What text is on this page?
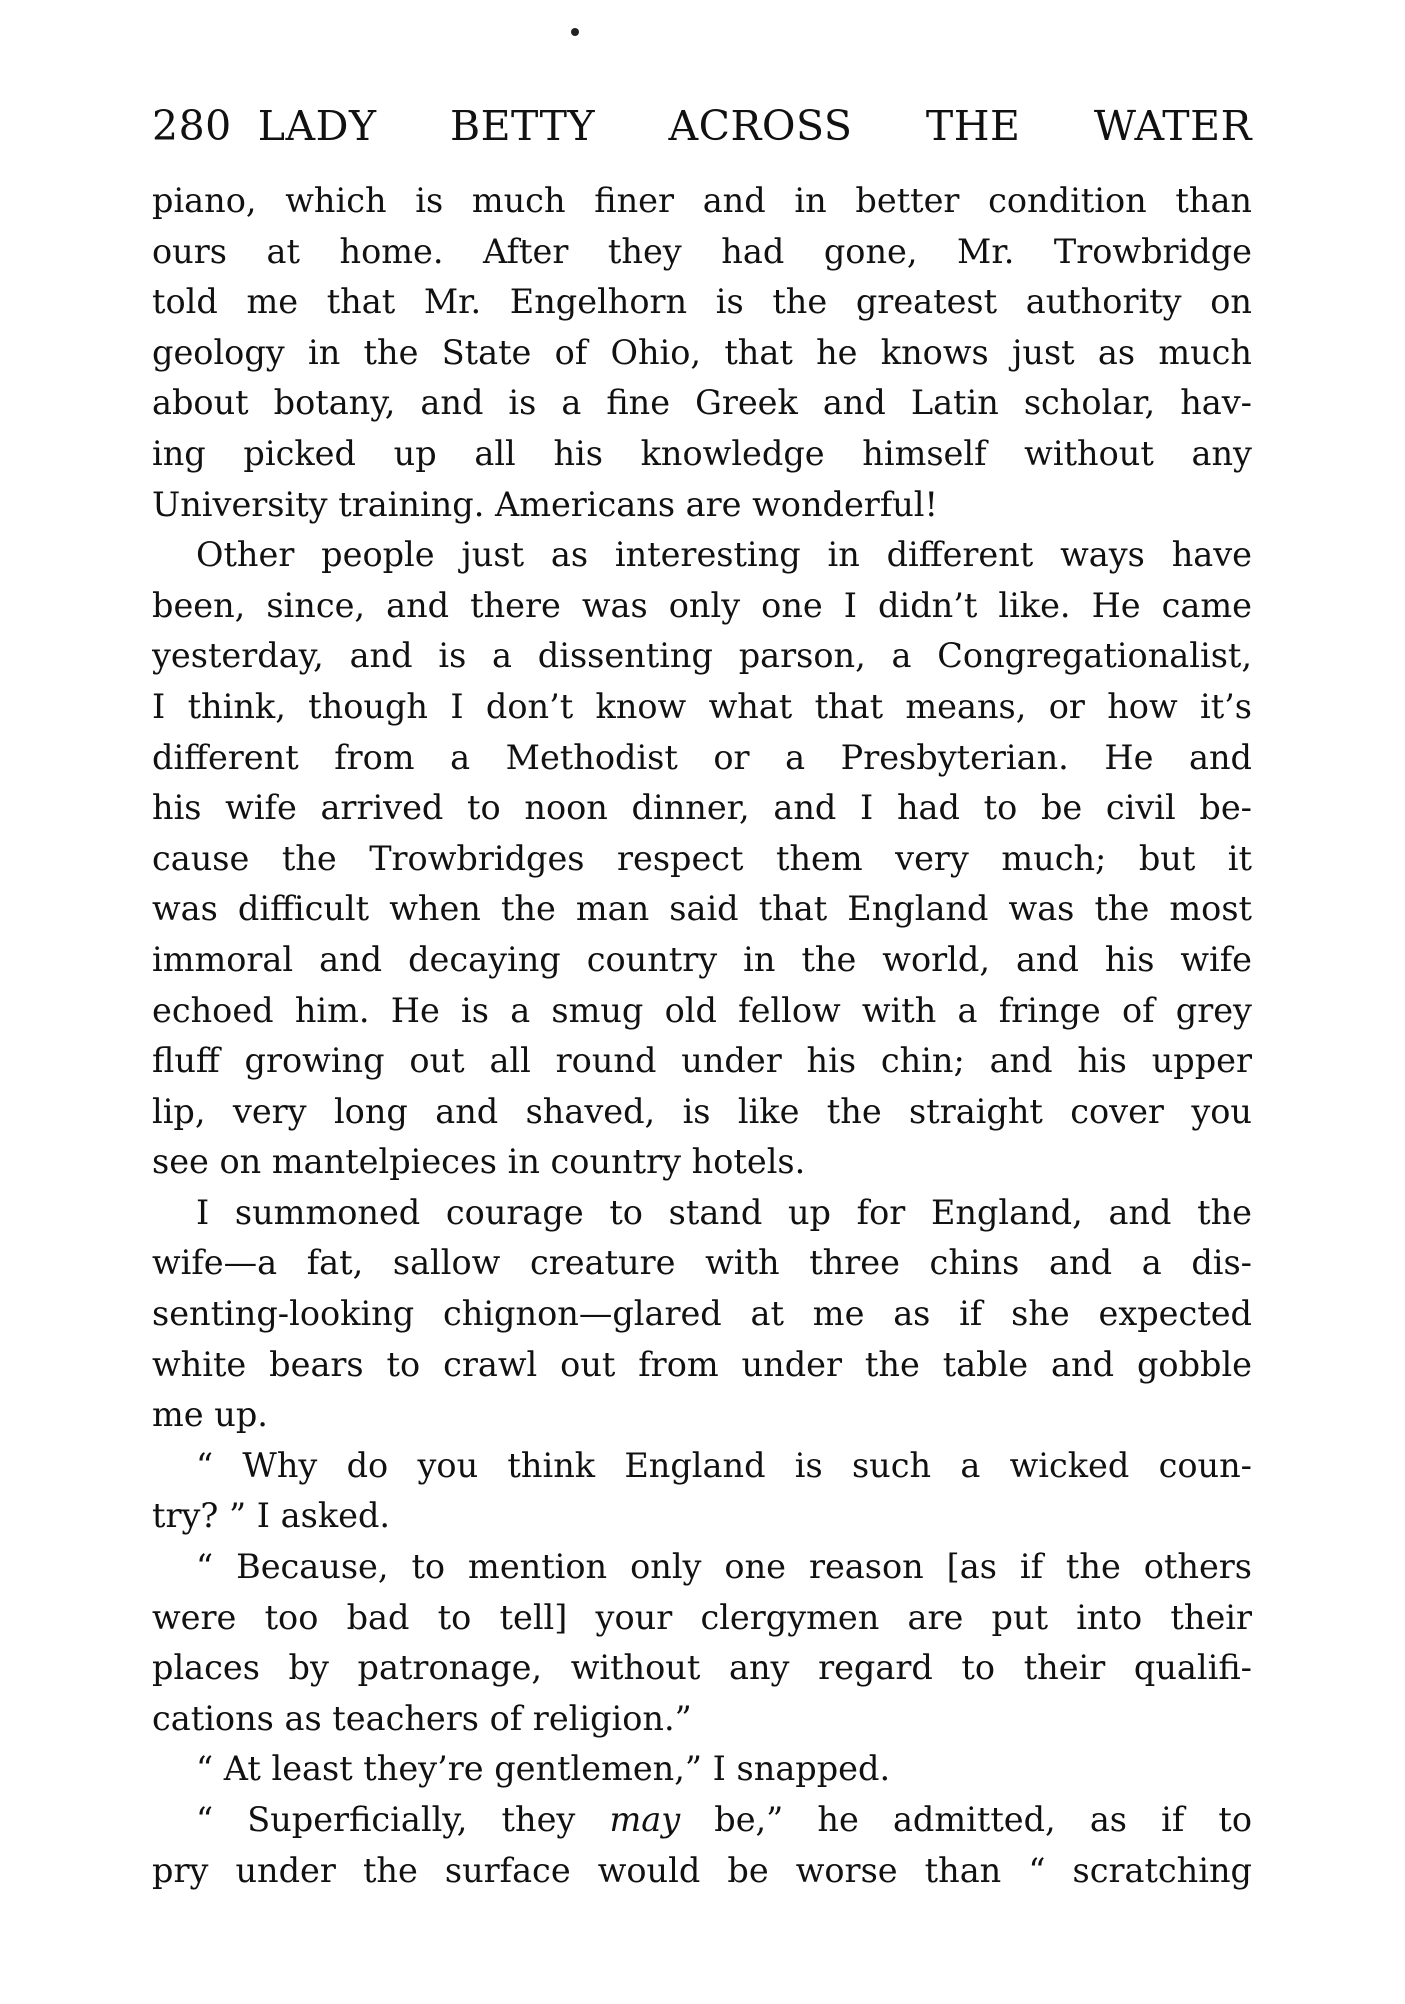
280 LADY BETTY ACROSS THE WATER
piano, which is much finer and in better condition than
ours at home. After they had gone, Mr. Trowbridge
told me that Mr. Engelhorn is the greatest authority on
geology in the State of Ohio, that he knows just as much
about botany, and is a fine Greek and Latin scholar, hav-
ing picked up all his knowledge himself without any
University training. Americans are wonderful!
Other people just as interesting in different ways have
been, since, and there was only one I didn’t like. He came
yesterday, and is a dissenting parson, a Congregationalist,
I think, though I don’t know what that means, or how it’s
different from a Methodist or a Presbyterian. He and
his wife arrived to noon dinner, and I had to be civil be-
cause the Trowbridges respect them very much; but it
was difficult when the man said that England was the most
immoral and decaying country in the world, and his wife
echoed him. He is a smug old fellow with a fringe of grey
fluff growing out all round under his chin; and his upper
lip, very long and shaved, is like the straight cover you
see on mantelpieces in country hotels.
I summoned courage to stand up for England, and the
wife—a fat, sallow creature with three chins and a dis-
senting-looking chignon—glared at me as if she expected
white bears to crawl out from under the table and gobble
me up.
“ Why do you think England is such a wicked coun-
try? ” I asked.
“ Because, to mention only one reason [as if the others
were too bad to tell] your clergymen are put into their
places by patronage, without any regard to their qualifi-
cations as teachers of religion.”
“ At least they’re gentlemen,” I snapped.
“ Superficially, they may be,” he admitted, as if to
pry under the surface would be worse than “ scratching
